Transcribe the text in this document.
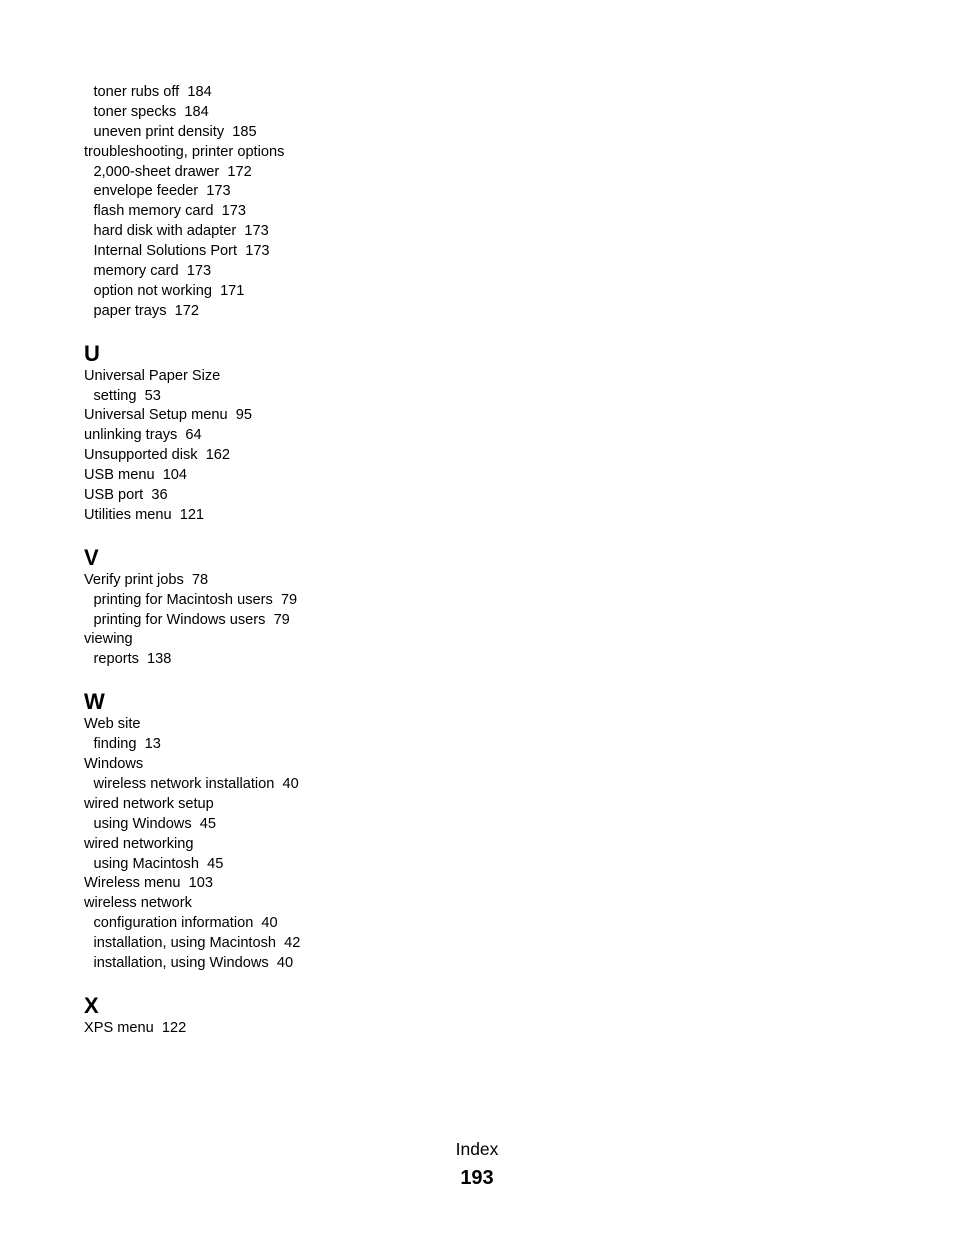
toner rubs off 184
toner specks 184
uneven print density 185
troubleshooting, printer options
2,000-sheet drawer 172
envelope feeder 173
flash memory card 173
hard disk with adapter 173
Internal Solutions Port 173
memory card 173
option not working 171
paper trays 172
U
Universal Paper Size
setting 53
Universal Setup menu 95
unlinking trays 64
Unsupported disk 162
USB menu 104
USB port 36
Utilities menu 121
V
Verify print jobs 78
printing for Macintosh users 79
printing for Windows users 79
viewing
reports 138
W
Web site
finding 13
Windows
wireless network installation 40
wired network setup
using Windows 45
wired networking
using Macintosh 45
Wireless menu 103
wireless network
configuration information 40
installation, using Macintosh 42
installation, using Windows 40
X
XPS menu 122
Index
193
